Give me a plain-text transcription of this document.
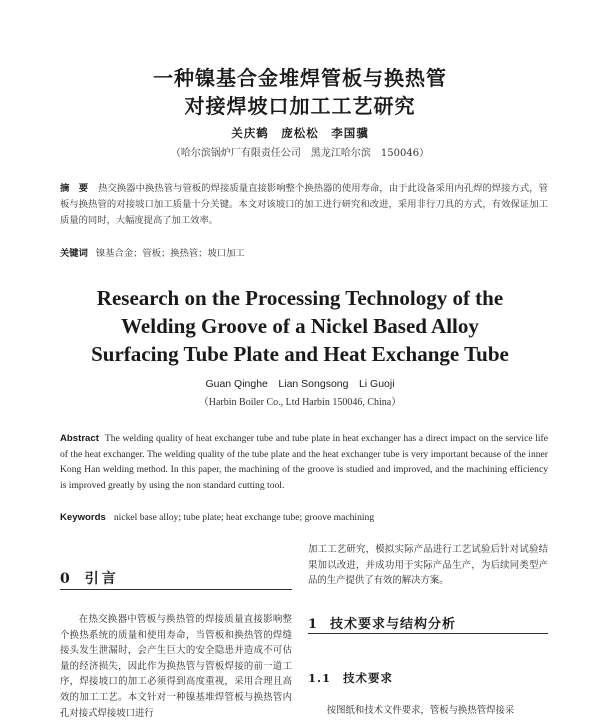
一种镍基合金堆焊管板与换热管
对接焊坡口加工工艺研究
关庆鹤　庞松松　李国骥
（哈尔滨锅炉厂有限责任公司　黑龙江哈尔滨　150046）
摘　要 热交换器中换热管与管板的焊接质量直接影响整个换热器的使用寿命，由于此设备采用内孔焊的焊接方式，管板与换热管的对接坡口加工质量十分关键。本文对该坡口的加工进行研究和改进，采用非行刀具的方式，有效保证加工质量的同时，大幅度提高了加工效率。
关键词 镍基合金；管板；换热管；坡口加工
Research on the Processing Technology of the
Welding Groove of a Nickel Based Alloy
Surfacing Tube Plate and Heat Exchange Tube
Guan Qinghe　Lian Songsong　Li Guoji
（Harbin Boiler Co., Ltd Harbin 150046, China）
Abstract The welding quality of heat exchanger tube and tube plate in heat exchanger has a direct impact on the service life of the heat exchanger. The welding quality of the tube plate and the heat exchanger tube is very important because of the inner Kong Han welding method. In this paper, the machining of the groove is studied and improved, and the machining efficiency is improved greatly by using the non standard cutting tool.
Keywords nickel base alloy; tube plate; heat exchange tube; groove machining
0 引言
在热交换器中管板与换热管的焊接质量直接影响整个换热系统的质量和使用寿命，当管板和换热管的焊缝接头发生泄漏时，会产生巨大的安全隐患并造成不可估量的经济损失，因此作为换热管与管板焊接的前一道工序，焊接坡口的加工必须得到高度重视，采用合理且高效的加工工艺。本文针对一种镍基堆焊管板与换热管内孔对接式焊接坡口进行
加工工艺研究，模拟实际产品进行工艺试验后针对试验结果加以改进，并成功用于实际产品生产，为后续同类型产品的生产提供了有效的解决方案。
1 技术要求与结构分析
1.1 技术要求
按图纸和技术文件要求，管板与换热管焊接采
